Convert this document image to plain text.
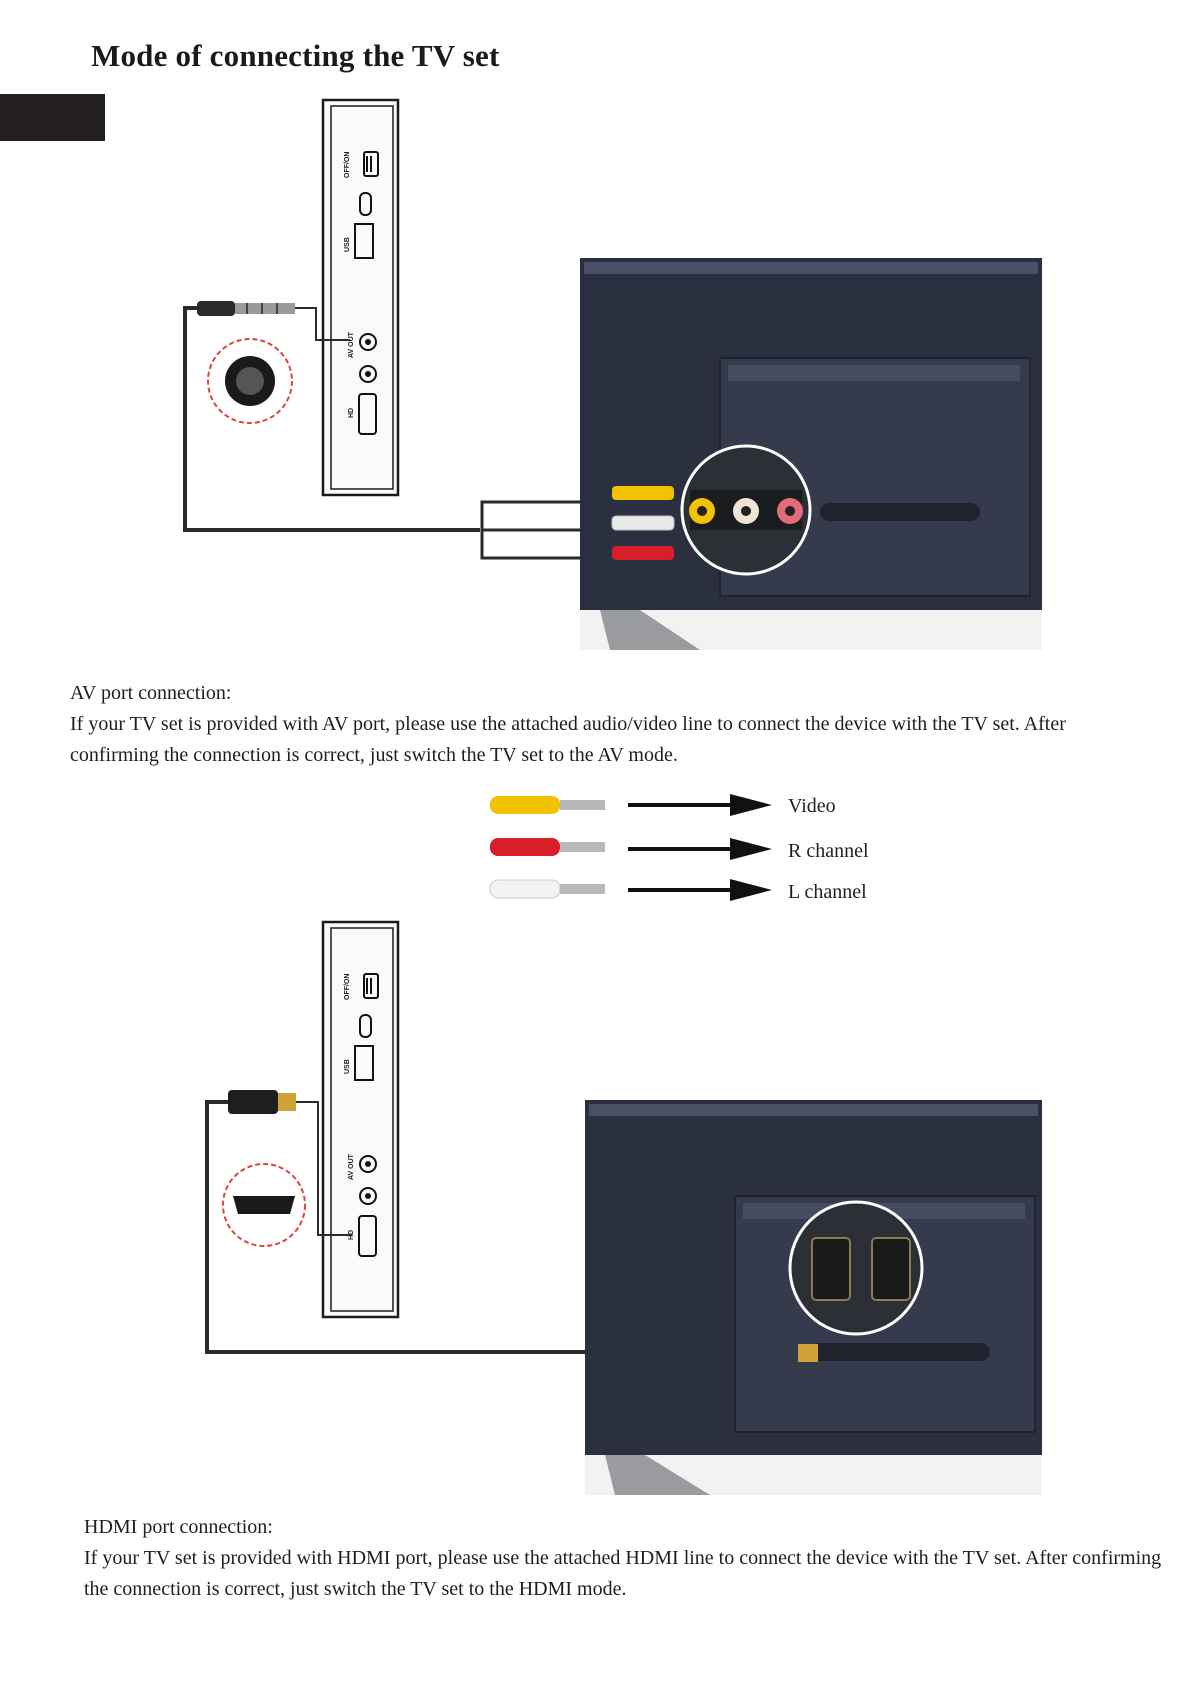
Mode of connecting the TV set
OFF/ON
USB
AV OUT
HD

AV port connection:

If your TV set is provided with AV port, please use the attached audio/video line to connect the device with the TV set. After confirming the connection is correct, just switch the TV set to the AV mode.

Video
R channel
L channel
OFF/ON
USB
AV OUT
HD

HDMI port connection:

If your TV set is provided with HDMI port, please use the attached HDMI line to connect the device with the TV set. After confirming the connection is correct, just switch the TV set to the HDMI mode.
